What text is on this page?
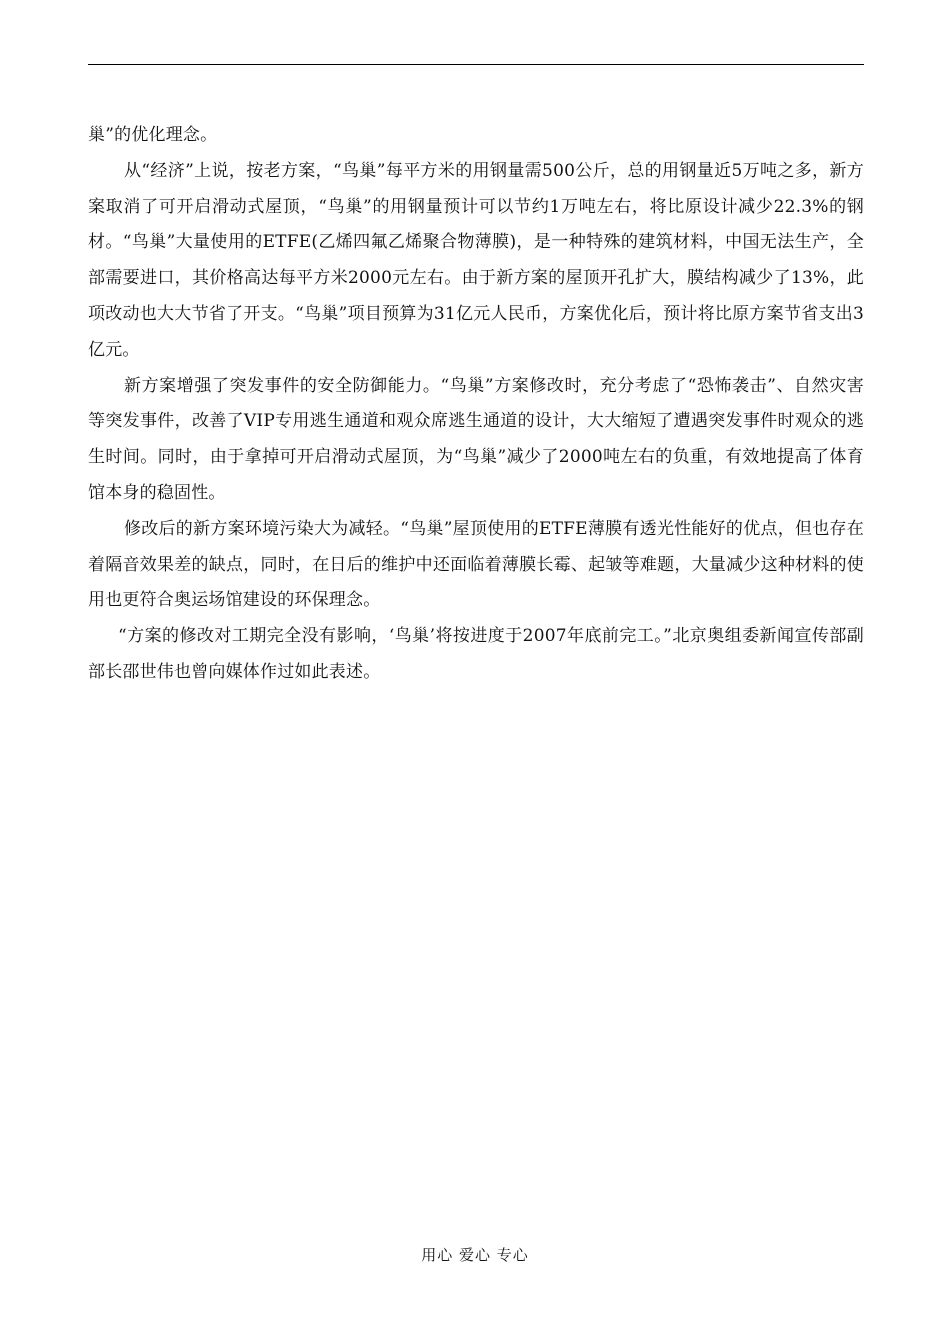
巢”的优化理念。

从“经济”上说，按老方案，“鸟巢”每平方米的用钢量需500公斤，总的用钢量近5万吨之多，新方案取消了可开启滑动式屋顶，“鸟巢”的用钢量预计可以节约1万吨左右，将比原设计减少22.3%的钢材。“鸟巢”大量使用的ETFE(乙烯四氟乙烯聚合物薄膜)，是一种特殊的建筑材料，中国无法生产，全部需要进口，其价格高达每平方米2000元左右。由于新方案的屋顶开孔扩大，膜结构减少了13%，此项改动也大大节省了开支。“鸟巢”项目预算为31亿元人民币，方案优化后，预计将比原方案节省支出3亿元。

新方案增强了突发事件的安全防御能力。“鸟巢”方案修改时，充分考虑了“恐怖袭击”、自然灾害等突发事件，改善了VIP专用逃生通道和观众席逃生通道的设计，大大缩短了遭遇突发事件时观众的逃生时间。同时，由于拿掉可开启滑动式屋顶，为“鸟巢”减少了2000吨左右的负重，有效地提高了体育馆本身的稳固性。

修改后的新方案环境污染大为减轻。“鸟巢”屋顶使用的ETFE薄膜有透光性能好的优点，但也存在着隔音效果差的缺点，同时，在日后的维护中还面临着薄膜长霉、起皱等难题，大量减少这种材料的使用也更符合奥运场馆建设的环保理念。

“方案的修改对工期完全没有影响，‘鸟巢’将按进度于2007年底前完工。”北京奥组委新闻宣传部副部长邵世伟也曾向媒体作过如此表述。

用心 爱心 专心
